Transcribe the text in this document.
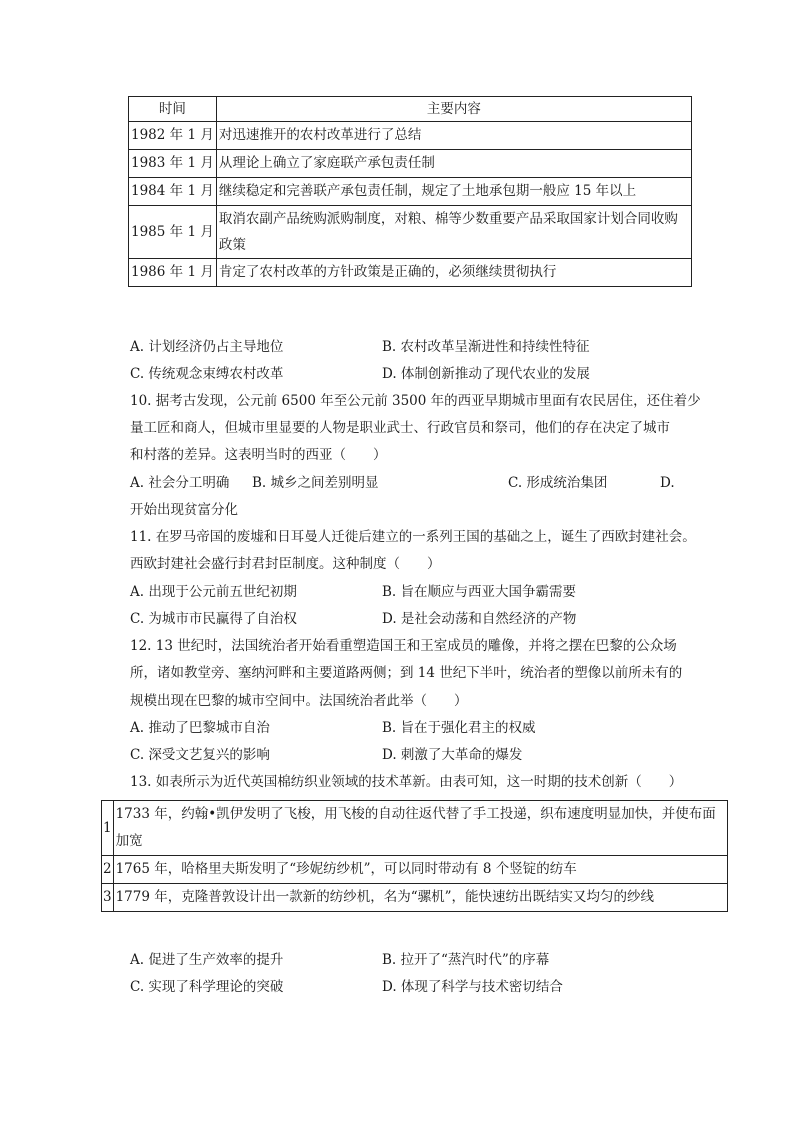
时间	主要内容
1982 年 1 月	对迅速推开的农村改革进行了总结
1983 年 1 月	从理论上确立了家庭联产承包责任制
1984 年 1 月	继续稳定和完善联产承包责任制，规定了土地承包期一般应 15 年以上
1985 年 1 月	取消农副产品统购派购制度，对粮、棉等少数重要产品采取国家计划合同收购政策
1986 年 1 月	肯定了农村改革的方针政策是正确的，必须继续贯彻执行
A. 计划经济仍占主导地位	B. 农村改革呈渐进性和持续性特征
C. 传统观念束缚农村改革	D. 体制创新推动了现代农业的发展
10. 据考古发现，公元前 6500 年至公元前 3500 年的西亚早期城市里面有农民居住，还住着少
量工匠和商人，但城市里显要的人物是职业武士、行政官员和祭司，他们的存在决定了城市
和村落的差异。这表明当时的西亚（　　）
A. 社会分工明确 B. 城乡之间差别明显	C. 形成统治集团	D.
开始出现贫富分化
11. 在罗马帝国的废墟和日耳曼人迁徙后建立的一系列王国的基础之上，诞生了西欧封建社会。
西欧封建社会盛行封君封臣制度。这种制度（　　）
A. 出现于公元前五世纪初期	B. 旨在顺应与西亚大国争霸需要
C. 为城市市民赢得了自治权	D. 是社会动荡和自然经济的产物
12. 13 世纪时，法国统治者开始看重塑造国王和王室成员的雕像，并将之摆在巴黎的公众场
所，诸如教堂旁、塞纳河畔和主要道路两侧；到 14 世纪下半叶，统治者的塑像以前所未有的
规模出现在巴黎的城市空间中。法国统治者此举（　　）
A. 推动了巴黎城市自治	B. 旨在于强化君主的权威
C. 深受文艺复兴的影响	D. 刺激了大革命的爆发
13. 如表所示为近代英国棉纺织业领域的技术革新。由表可知，这一时期的技术创新（　　）
1	1733 年，约翰•凯伊发明了飞梭，用飞梭的自动往返代替了手工投递，织布速度明显加快，并使布面加宽
2	1765 年，哈格里夫斯发明了“珍妮纺纱机”，可以同时带动有 8 个竖锭的纺车
3	1779 年，克隆普敦设计出一款新的纺纱机，名为“骡机”，能快速纺出既结实又均匀的纱线
A. 促进了生产效率的提升	B. 拉开了“蒸汽时代”的序幕
C. 实现了科学理论的突破	D. 体现了科学与技术密切结合
